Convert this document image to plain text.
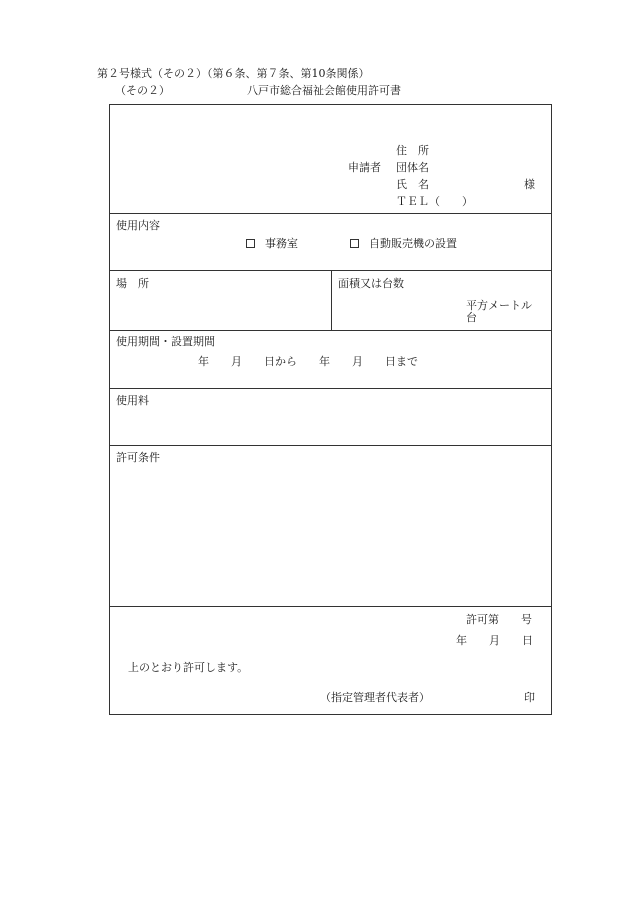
第２号様式（その２）（第６条、第７条、第10条関係）
（その２）	八戸市総合福祉会館使用許可書
住　所
申請者 団体名
氏　名	様
ＴＥＬ（　　）
使用内容
事務室	自動販売機の設置
場　所	面積又は台数
平方メートル
台
使用期間・設置期間
年　　月　　日から　　年　　月　　日まで
使用料
許可条件
許可第　　号
年　　月　　日
上のとおり許可します。
（指定管理者代表者）	印
